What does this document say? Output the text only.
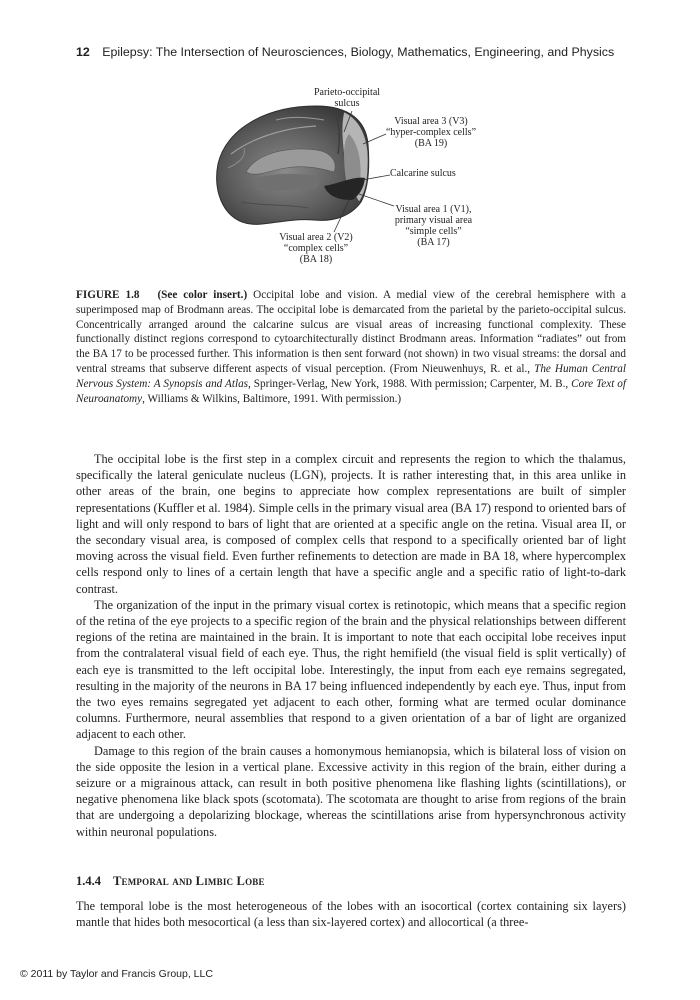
12 Epilepsy: The Intersection of Neurosciences, Biology, Mathematics, Engineering, and Physics
Parieto-occipital
sulcus
Visual area 3 (V3)
“hyper-complex cells”
(BA 19)
Calcarine sulcus
Visual area 1 (V1),
primary visual area
“simple cells”
(BA 17)
Visual area 2 (V2)
“complex cells”
(BA 18)
FIGURE 1.8 (See color insert.) Occipital lobe and vision. A medial view of the cerebral hemisphere with a superimposed map of Brodmann areas. The occipital lobe is demarcated from the parietal by the parieto-occipital sulcus. Concentrically arranged around the calcarine sulcus are visual areas of increasing functional complexity. These functionally distinct regions correspond to cytoarchitecturally distinct Brodmann areas. Information “radiates” out from the BA 17 to be processed further. This information is then sent forward (not shown) in two visual streams: the dorsal and ventral streams that subserve different aspects of visual perception. (From Nieuwenhuys, R. et al., The Human Central Nervous System: A Synopsis and Atlas, Springer-Verlag, New York, 1988. With permission; Carpenter, M. B., Core Text of Neuroanatomy, Williams & Wilkins, Baltimore, 1991. With permission.)

The occipital lobe is the first step in a complex circuit and represents the region to which the thalamus, specifically the lateral geniculate nucleus (LGN), projects. It is rather interesting that, in this area unlike in other areas of the brain, one begins to appreciate how complex representations are built of simpler representations (Kuffler et al. 1984). Simple cells in the primary visual area (BA 17) respond to oriented bars of light and will only respond to bars of light that are oriented at a specific angle on the retina. Visual area II, or the secondary visual area, is composed of complex cells that respond to a specifically oriented bar of light moving across the visual field. Even further refinements to detection are made in BA 18, where hypercomplex cells respond only to lines of a certain length that have a specific angle and a specific ratio of light-to-dark contrast.

The organization of the input in the primary visual cortex is retinotopic, which means that a specific region of the retina of the eye projects to a specific region of the brain and the physical relationships between different regions of the retina are maintained in the brain. It is important to note that each occipital lobe receives input from the contralateral visual field of each eye. Thus, the right hemifield (the visual field is split vertically) of each eye is transmitted to the left occipital lobe. Interestingly, the input from each eye remains segregated, resulting in the majority of the neurons in BA 17 being influenced independently by each eye. Thus, input from the two eyes remains segregated yet adjacent to each other, forming what are termed ocular dominance columns. Furthermore, neural assemblies that respond to a given orientation of a bar of light are organized adjacent to each other.

Damage to this region of the brain causes a homonymous hemianopsia, which is bilateral loss of vision on the side opposite the lesion in a vertical plane. Excessive activity in this region of the brain, either during a seizure or a migrainous attack, can result in both positive phenomena like flashing lights (scintillations), or negative phenomena like black spots (scotomata). The scotomata are thought to arise from regions of the brain that are undergoing a depolarizing blockage, whereas the scintillations arise from hypersynchronous activity within neuronal populations.

1.4.4 Temporal and Limbic Lobe

The temporal lobe is the most heterogeneous of the lobes with an isocortical (cortex containing six layers) mantle that hides both mesocortical (a less than six-layered cortex) and allocortical (a three-

© 2011 by Taylor and Francis Group, LLC
